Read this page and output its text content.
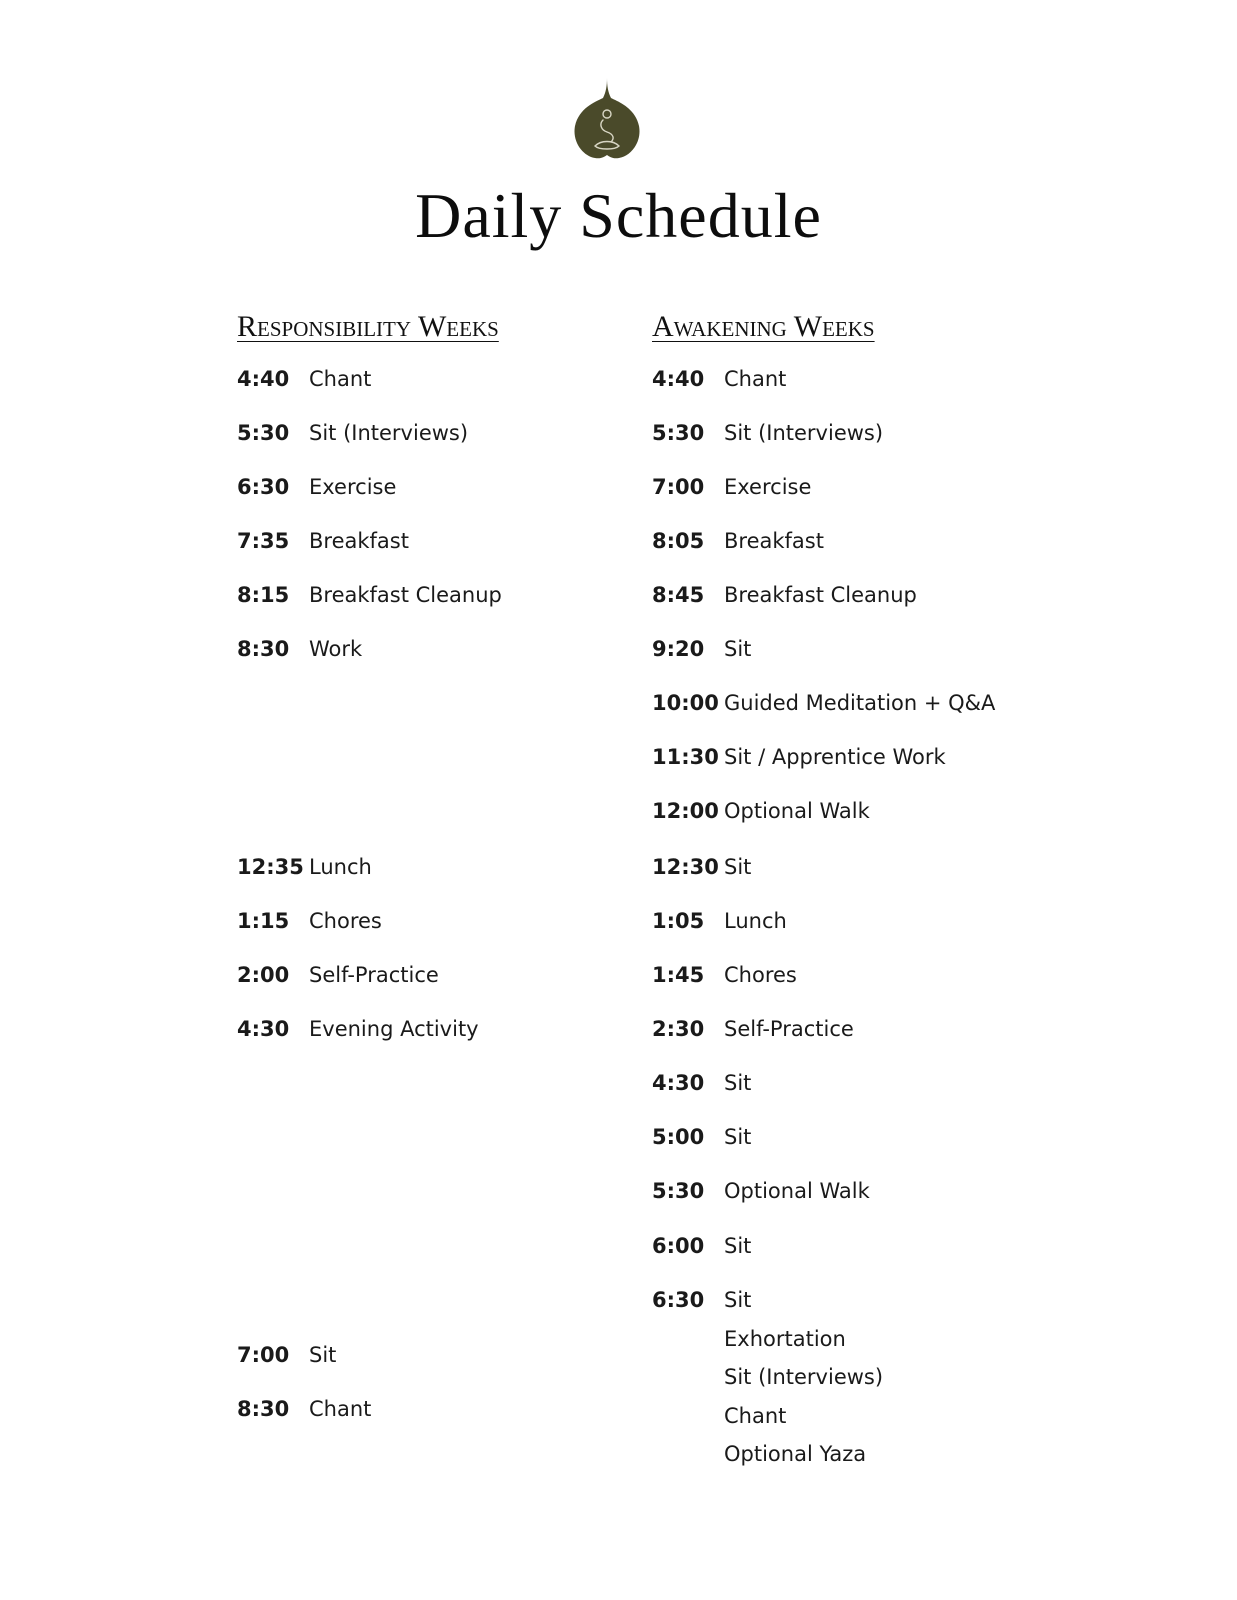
Daily Schedule
Responsibility Weeks
4:40 Chant
5:30 Sit (Interviews)
6:30 Exercise
7:35 Breakfast
8:15 Breakfast Cleanup
8:30 Work
12:35 Lunch
1:15 Chores
2:00 Self-Practice
4:30 Evening Activity
7:00 Sit
8:30 Chant
Awakening Weeks
4:40 Chant
5:30 Sit (Interviews)
7:00 Exercise
8:05 Breakfast
8:45 Breakfast Cleanup
9:20 Sit
10:00 Guided Meditation + Q&A
11:30 Sit / Apprentice Work
12:00 Optional Walk
12:30 Sit
1:05 Lunch
1:45 Chores
2:30 Self-Practice
4:30 Sit
5:00 Sit
5:30 Optional Walk
6:00 Sit
6:30 Sit
Exhortation
Sit (Interviews)
Chant
Optional Yaza
